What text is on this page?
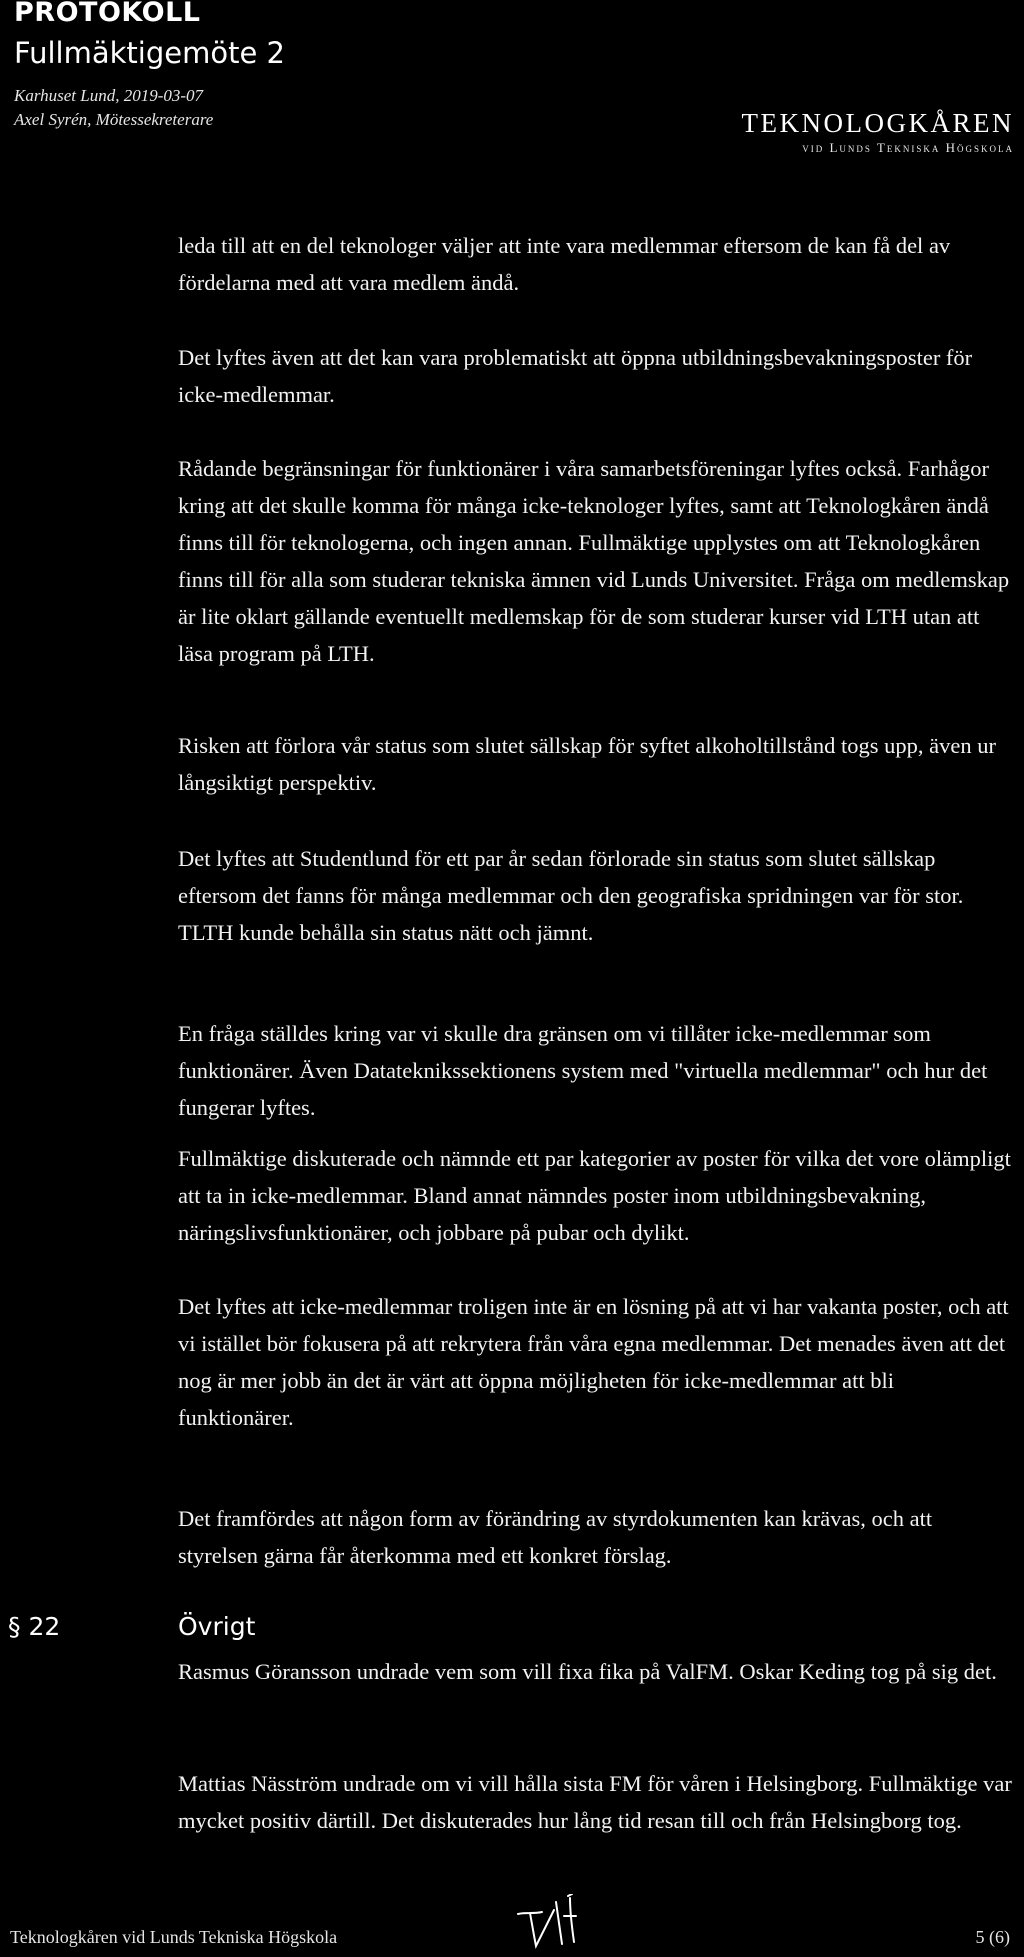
PROTOKOLL
Fullmäktigemöte 2
Karhuset Lund, 2019-03-07
Axel Syrén, Mötessekreterare	TEKNOLOGKÅREN
vid Lunds Tekniska Högskola

leda till att en del teknologer väljer att inte vara medlemmar eftersom de kan få del av fördelarna med att vara medlem ändå.

Det lyftes även att det kan vara problematiskt att öppna utbildningsbevakningsposter för icke-medlemmar.

Rådande begränsningar för funktionärer i våra samarbetsföreningar lyftes också. Farhågor kring att det skulle komma för många icke-teknologer lyftes, samt att Teknologkåren ändå finns till för teknologerna, och ingen annan. Fullmäktige upplystes om att Teknologkåren finns till för alla som studerar tekniska ämnen vid Lunds Universitet. Fråga om medlemskap är lite oklart gällande eventuellt medlemskap för de som studerar kurser vid LTH utan att läsa program på LTH.

Risken att förlora vår status som slutet sällskap för syftet alkoholtillstånd togs upp, även ur långsiktigt perspektiv.

Det lyftes att Studentlund för ett par år sedan förlorade sin status som slutet sällskap eftersom det fanns för många medlemmar och den geografiska spridningen var för stor. TLTH kunde behålla sin status nätt och jämnt.

En fråga ställdes kring var vi skulle dra gränsen om vi tillåter icke-medlemmar som funktionärer. Även Datateknikssektionens system med "virtuella medlemmar" och hur det fungerar lyftes.

Fullmäktige diskuterade och nämnde ett par kategorier av poster för vilka det vore olämpligt att ta in icke-medlemmar. Bland annat nämndes poster inom utbildningsbevakning, näringslivsfunktionärer, och jobbare på pubar och dylikt.

Det lyftes att icke-medlemmar troligen inte är en lösning på att vi har vakanta poster, och att vi istället bör fokusera på att rekrytera från våra egna medlemmar. Det menades även att det nog är mer jobb än det är värt att öppna möjligheten för icke-medlemmar att bli funktionärer.

Det framfördes att någon form av förändring av styrdokumenten kan krävas, och att styrelsen gärna får återkomma med ett konkret förslag.

§ 22	Övrigt

Rasmus Göransson undrade vem som vill fixa fika på ValFM. Oskar Keding tog på sig det.

Mattias Näsström undrade om vi vill hålla sista FM för våren i Helsingborg. Fullmäktige var mycket positiv därtill. Det diskuterades hur lång tid resan till och från Helsingborg tog.

Teknologkåren vid Lunds Tekniska Högskola	5 (6)
